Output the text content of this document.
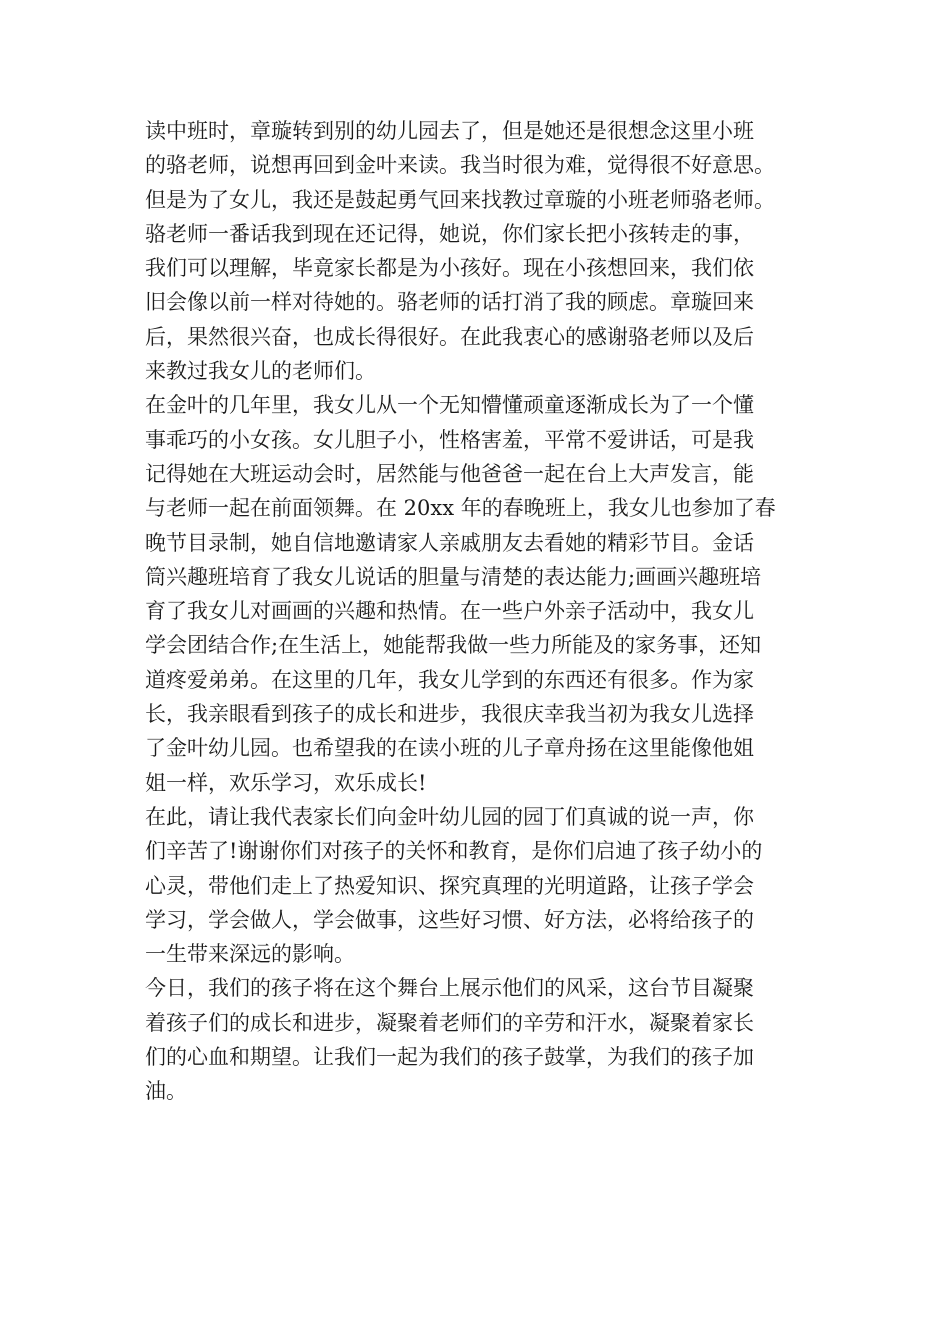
读中班时，章璇转到别的幼儿园去了，但是她还是很想念这里小班
的骆老师，说想再回到金叶来读。我当时很为难，觉得很不好意思。
但是为了女儿，我还是鼓起勇气回来找教过章璇的小班老师骆老师。
骆老师一番话我到现在还记得，她说，你们家长把小孩转走的事，
我们可以理解，毕竟家长都是为小孩好。现在小孩想回来，我们依
旧会像以前一样对待她的。骆老师的话打消了我的顾虑。章璇回来
后，果然很兴奋，也成长得很好。在此我衷心的感谢骆老师以及后
来教过我女儿的老师们。
在金叶的几年里，我女儿从一个无知懵懂顽童逐渐成长为了一个懂
事乖巧的小女孩。女儿胆子小，性格害羞，平常不爱讲话，可是我
记得她在大班运动会时，居然能与他爸爸一起在台上大声发言，能
与老师一起在前面领舞。在 20xx 年的春晚班上，我女儿也参加了春
晚节目录制，她自信地邀请家人亲戚朋友去看她的精彩节目。金话
筒兴趣班培育了我女儿说话的胆量与清楚的表达能力;画画兴趣班培
育了我女儿对画画的兴趣和热情。在一些户外亲子活动中，我女儿
学会团结合作;在生活上，她能帮我做一些力所能及的家务事，还知
道疼爱弟弟。在这里的几年，我女儿学到的东西还有很多。作为家
长，我亲眼看到孩子的成长和进步，我很庆幸我当初为我女儿选择
了金叶幼儿园。也希望我的在读小班的儿子章舟扬在这里能像他姐
姐一样，欢乐学习，欢乐成长!
在此，请让我代表家长们向金叶幼儿园的园丁们真诚的说一声，你
们辛苦了!谢谢你们对孩子的关怀和教育，是你们启迪了孩子幼小的
心灵，带他们走上了热爱知识、探究真理的光明道路，让孩子学会
学习，学会做人，学会做事，这些好习惯、好方法，必将给孩子的
一生带来深远的影响。
今日，我们的孩子将在这个舞台上展示他们的风采，这台节目凝聚
着孩子们的成长和进步，凝聚着老师们的辛劳和汗水，凝聚着家长
们的心血和期望。让我们一起为我们的孩子鼓掌，为我们的孩子加
油。
